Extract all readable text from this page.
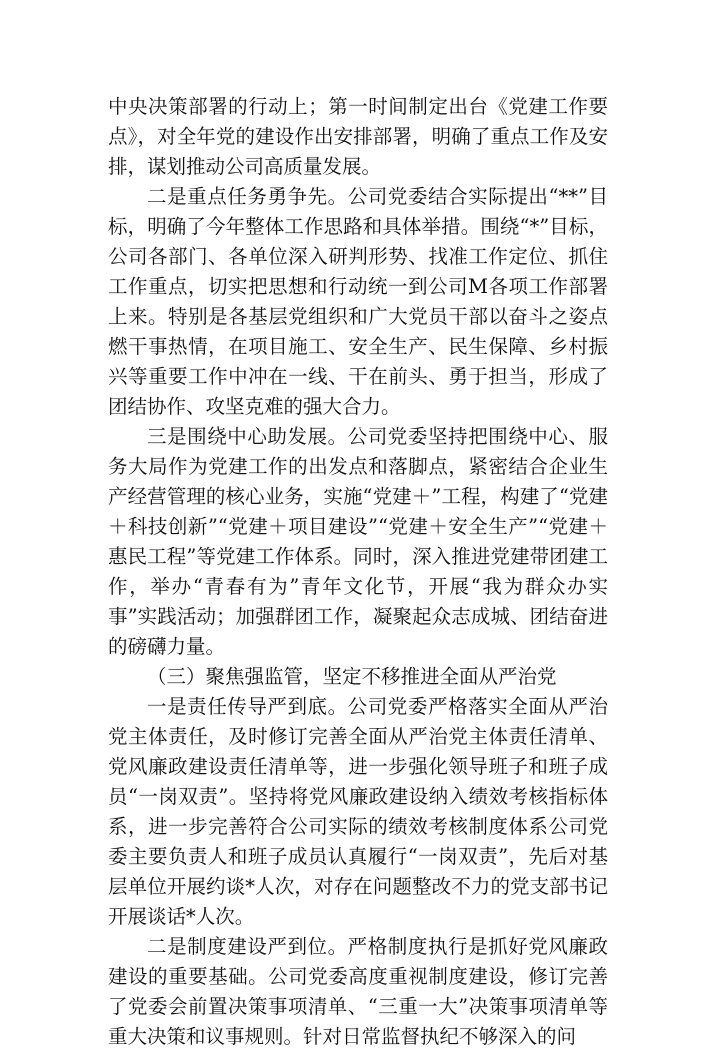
中央决策部署的行动上；第一时间制定出台《党建工作要点》，对全年党的建设作出安排部署，明确了重点工作及安排，谋划推动公司高质量发展。

二是重点任务勇争先。公司党委结合实际提出“**”目标，明确了今年整体工作思路和具体举措。围绕“*”目标，公司各部门、各单位深入研判形势、找准工作定位、抓住工作重点，切实把思想和行动统一到公司M各项工作部署上来。特别是各基层党组织和广大党员干部以奋斗之姿点燃干事热情，在项目施工、安全生产、民生保障、乡村振兴等重要工作中冲在一线、干在前头、勇于担当，形成了团结协作、攻坚克难的强大合力。

三是围绕中心助发展。公司党委坚持把围绕中心、服务大局作为党建工作的出发点和落脚点，紧密结合企业生产经营管理的核心业务，实施“党建＋”工程，构建了“党建＋科技创新”“党建＋项目建设”“党建＋安全生产”“党建＋惠民工程”等党建工作体系。同时，深入推进党建带团建工作，举办“青春有为”青年文化节，开展“我为群众办实事”实践活动；加强群团工作，凝聚起众志成城、团结奋进的磅礴力量。

（三）聚焦强监管，坚定不移推进全面从严治党

一是责任传导严到底。公司党委严格落实全面从严治党主体责任，及时修订完善全面从严治党主体责任清单、党风廉政建设责任清单等，进一步强化领导班子和班子成员“一岗双责”。坚持将党风廉政建设纳入绩效考核指标体系，进一步完善符合公司实际的绩效考核制度体系公司党委主要负责人和班子成员认真履行“一岗双责”，先后对基层单位开展约谈*人次，对存在问题整改不力的党支部书记开展谈话*人次。

二是制度建设严到位。严格制度执行是抓好党风廉政建设的重要基础。公司党委高度重视制度建设，修订完善了党委会前置决策事项清单、“三重一大”决策事项清单等重大决策和议事规则。针对日常监督执纪不够深入的问
